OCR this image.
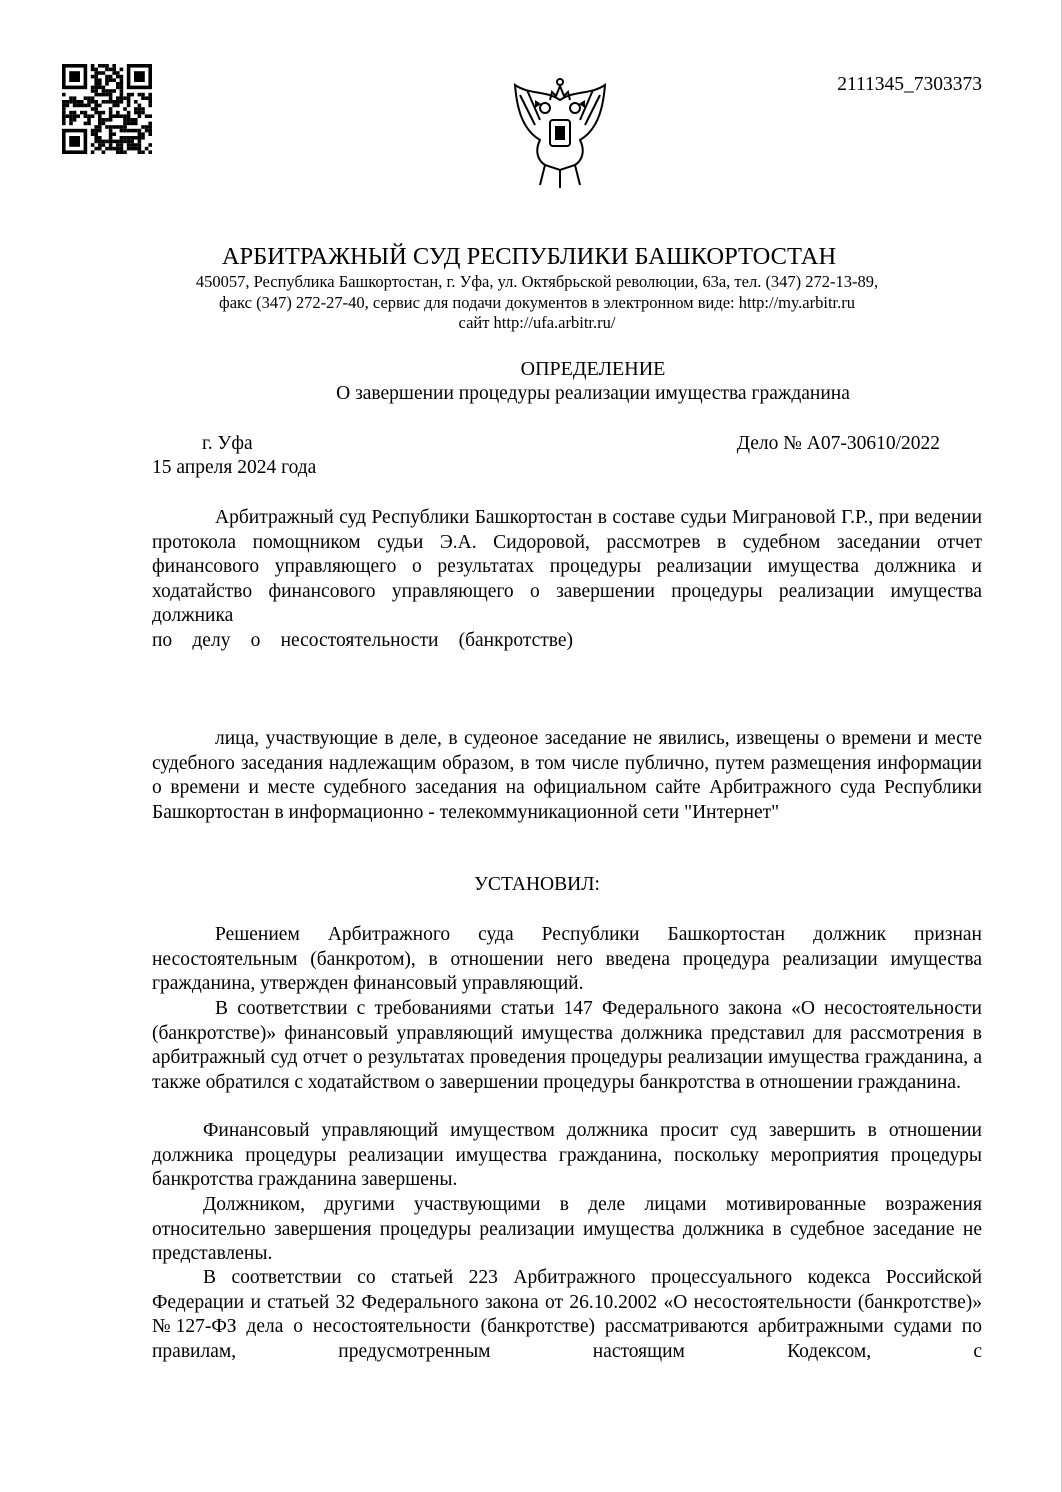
2111345_7303373
АРБИТРАЖНЫЙ СУД РЕСПУБЛИКИ БАШКОРТОСТАН
450057, Республика Башкортостан, г. Уфа, ул. Октябрьской революции, 63а, тел. (347) 272-13-89,
факс (347) 272-27-40, сервис для подачи документов в электронном виде: http://my.arbitr.ru
сайт http://ufa.arbitr.ru/
ОПРЕДЕЛЕНИЕ
О завершении процедуры реализации имущества гражданина
г. Уфа	Дело № А07-30610/2022
15 апреля 2024 года
Арбитражный суд Республики Башкортостан в составе судьи Миграновой Г.Р., при ведении протокола помощником судьи Э.А. Сидоровой, рассмотрев в судебном заседании отчет финансового управляющего о результатах процедуры реализации имущества должника и ходатайство финансового управляющего о завершении процедуры реализации имущества должника
по делу о несостоятельности (банкротстве)
лица, участвующие в деле, в судеоное заседание не явились, извещены о времени и месте судебного заседания надлежащим образом, в том числе публично, путем размещения информации о времени и месте судебного заседания на официальном сайте Арбитражного суда Республики Башкортостан в информационно - телекоммуникационной сети "Интернет"
УСТАНОВИЛ:
Решением Арбитражного суда Республики Башкортостан должник признан несостоятельным (банкротом), в отношении него введена процедура реализации имущества гражданина, утвержден финансовый управляющий.
В соответствии с требованиями статьи 147 Федерального закона «О несостоятельности (банкротстве)» финансовый управляющий имущества должника представил для рассмотрения в арбитражный суд отчет о результатах проведения процедуры реализации имущества гражданина, а также обратился с ходатайством о завершении процедуры банкротства в отношении гражданина.
Финансовый управляющий имуществом должника просит суд завершить в отношении должника процедуры реализации имущества гражданина, поскольку мероприятия процедуры банкротства гражданина завершены.
Должником, другими участвующими в деле лицами мотивированные возражения относительно завершения процедуры реализации имущества должника в судебное заседание не представлены.
В соответствии со статьей 223 Арбитражного процессуального кодекса Российской Федерации и статьей 32 Федерального закона от 26.10.2002 «О несостоятельности (банкротстве)» №127-ФЗ дела о несостоятельности (банкротстве) рассматриваются арбитражными судами по правилам, предусмотренным настоящим Кодексом, с
